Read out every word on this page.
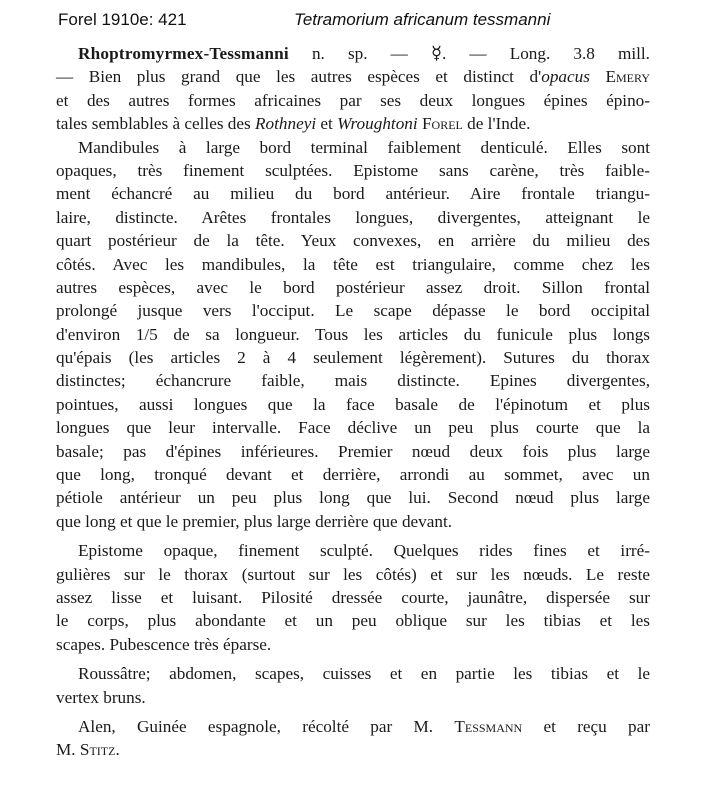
Forel 1910e: 421	Tetramorium africanum tessmanni
Rhoptromyrmex-Tessmanni n. sp. — ☿. — Long. 3.8 mill.
— Bien plus grand que les autres espèces et distinct d'opacus Emery
et des autres formes africaines par ses deux longues épines épino-
tales semblables à celles des Rothneyi et Wroughtoni Forel de l'Inde.
Mandibules à large bord terminal faiblement denticulé. Elles sont
opaques, très finement sculptées. Epistome sans carène, très faible-
ment échancré au milieu du bord antérieur. Aire frontale triangu-
laire, distincte. Arêtes frontales longues, divergentes, atteignant le
quart postérieur de la tête. Yeux convexes, en arrière du milieu des
côtés. Avec les mandibules, la tête est triangulaire, comme chez les
autres espèces, avec le bord postérieur assez droit. Sillon frontal
prolongé jusque vers l'occiput. Le scape dépasse le bord occipital
d'environ 1/5 de sa longueur. Tous les articles du funicule plus longs
qu'épais (les articles 2 à 4 seulement légèrement). Sutures du thorax
distinctes; échancrure faible, mais distincte. Epines divergentes,
pointues, aussi longues que la face basale de l'épinotum et plus
longues que leur intervalle. Face déclive un peu plus courte que la
basale; pas d'épines inférieures. Premier nœud deux fois plus large
que long, tronqué devant et derrière, arrondi au sommet, avec un
pétiole antérieur un peu plus long que lui. Second nœud plus large
que long et que le premier, plus large derrière que devant.
Epistome opaque, finement sculpté. Quelques rides fines et irré-
gulières sur le thorax (surtout sur les côtés) et sur les nœuds. Le reste
assez lisse et luisant. Pilosité dressée courte, jaunâtre, dispersée sur
le corps, plus abondante et un peu oblique sur les tibias et les
scapes. Pubescence très éparse.
Roussâtre; abdomen, scapes, cuisses et en partie les tibias et le
vertex bruns.
Alen, Guinée espagnole, récolté par M. Tessmann et reçu par
M. Stitz.
